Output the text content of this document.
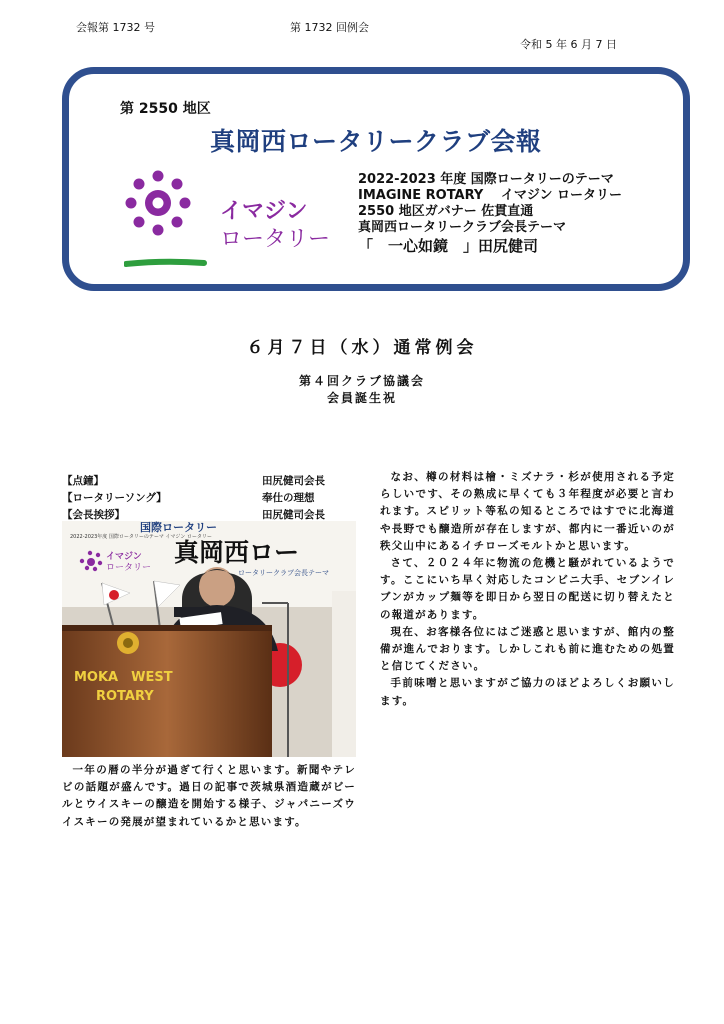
会報第 1732 号	第 1732 回例会
令和 5 年 6 月 7 日
第 2550 地区
真岡西ロータリークラブ会報
イマジン
ロータリー
2022-2023 年度 国際ロータリーのテーマ
IMAGINE ROTARY　 イマジン ロータリー
2550 地区ガバナー 佐貫直通
真岡西ロータリークラブ会長テーマ
「　一心如鏡　」田尻健司
６月７日（水）通常例会
第４回クラブ協議会
会員誕生祝
【点鐘】	田尻健司会長
【ロータリーソング】	奉仕の理想
【会長挨拶】	田尻健司会長
国際ロータリー
2022-2023年度 国際ロータリーのテーマ イマジン ロータリー
イマジン
ロータリー
真岡西ロー
ロータリークラブ会長テーマ
MOKA　WEST
ROTARY

一年の暦の半分が過ぎて行くと思います。新聞やテレビの話題が盛んです。過日の記事で茨城県酒造蔵がビールとウイスキーの醸造を開始する様子、ジャパニーズウイスキーの発展が望まれているかと思います。

なお、樽の材料は檜・ミズナラ・杉が使用される予定らしいです、その熟成に早くても３年程度が必要と言われます。スピリット等私の知るところではすでに北海道や長野でも醸造所が存在しますが、都内に一番近いのが秩父山中にあるイチローズモルトかと思います。

さて、２０２４年に物流の危機と騒がれているようです。ここにいち早く対応したコンビニ大手、セブンイレブンがカップ麺等を即日から翌日の配送に切り替えたとの報道があります。

現在、お客様各位にはご迷惑と思いますが、館内の整備が進んでおります。しかしこれも前に進むための処置と信じてください。

手前味噌と思いますがご協力のほどよろしくお願いします。
